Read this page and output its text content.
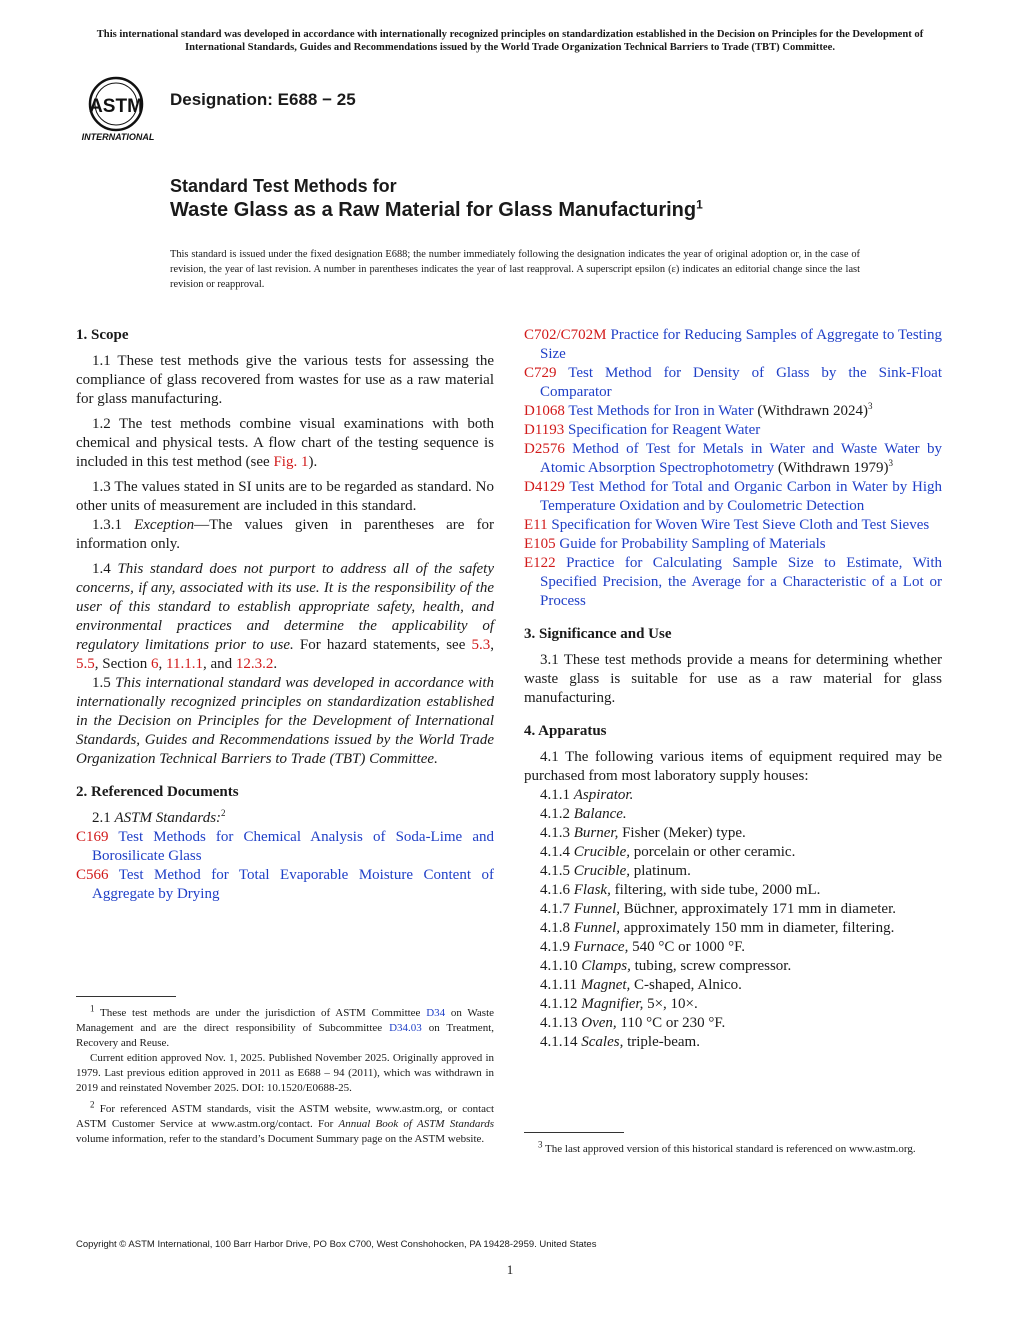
This international standard was developed in accordance with internationally recognized principles on standardization established in the Decision on Principles for the Development of International Standards, Guides and Recommendations issued by the World Trade Organization Technical Barriers to Trade (TBT) Committee.
ASTM
INTERNATIONAL
Designation: E688 − 25
Standard Test Methods for
Waste Glass as a Raw Material for Glass Manufacturing$^1$
This standard is issued under the fixed designation E688; the number immediately following the designation indicates the year of original adoption or, in the case of revision, the year of last revision. A number in parentheses indicates the year of last reapproval. A superscript epsilon (ε) indicates an editorial change since the last revision or reapproval.
1. Scope

1.1 These test methods give the various tests for assessing the compliance of glass recovered from wastes for use as a raw material for glass manufacturing.

1.2 The test methods combine visual examinations with both chemical and physical tests. A flow chart of the testing sequence is included in this test method (see Fig. 1).

1.3 The values stated in SI units are to be regarded as standard. No other units of measurement are included in this standard.

1.3.1 Exception—The values given in parentheses are for information only.

1.4 This standard does not purport to address all of the safety concerns, if any, associated with its use. It is the responsibility of the user of this standard to establish appropriate safety, health, and environmental practices and determine the applicability of regulatory limitations prior to use. For hazard statements, see 5.3, 5.5, Section 6, 11.1.1, and 12.3.2.

1.5 This international standard was developed in accordance with internationally recognized principles on standardization established in the Decision on Principles for the Development of International Standards, Guides and Recommendations issued by the World Trade Organization Technical Barriers to Trade (TBT) Committee.

2. Referenced Documents

2.1 ASTM Standards:$^2$

C169 Test Methods for Chemical Analysis of Soda-Lime and Borosilicate Glass

C566 Test Method for Total Evaporable Moisture Content of Aggregate by Drying

$^1$ These test methods are under the jurisdiction of ASTM Committee D34 on Waste Management and are the direct responsibility of Subcommittee D34.03 on Treatment, Recovery and Reuse.

Current edition approved Nov. 1, 2025. Published November 2025. Originally approved in 1979. Last previous edition approved in 2011 as E688 – 94 (2011), which was withdrawn in 2019 and reinstated November 2025. DOI: 10.1520/E0688-25.

$^2$ For referenced ASTM standards, visit the ASTM website, www.astm.org, or contact ASTM Customer Service at www.astm.org/contact. For Annual Book of ASTM Standards volume information, refer to the standard’s Document Summary page on the ASTM website.

C702/C702M Practice for Reducing Samples of Aggregate to Testing Size

C729 Test Method for Density of Glass by the Sink-Float Comparator

D1068 Test Methods for Iron in Water (Withdrawn 2024)$^3$

D1193 Specification for Reagent Water

D2576 Method of Test for Metals in Water and Waste Water by Atomic Absorption Spectrophotometry (Withdrawn 1979)$^3$

D4129 Test Method for Total and Organic Carbon in Water by High Temperature Oxidation and by Coulometric Detection

E11 Specification for Woven Wire Test Sieve Cloth and Test Sieves

E105 Guide for Probability Sampling of Materials

E122 Practice for Calculating Sample Size to Estimate, With Specified Precision, the Average for a Characteristic of a Lot or Process

3. Significance and Use

3.1 These test methods provide a means for determining whether waste glass is suitable for use as a raw material for glass manufacturing.

4. Apparatus

4.1 The following various items of equipment required may be purchased from most laboratory supply houses:

4.1.1 Aspirator.

4.1.2 Balance.

4.1.3 Burner, Fisher (Meker) type.

4.1.4 Crucible, porcelain or other ceramic.

4.1.5 Crucible, platinum.

4.1.6 Flask, filtering, with side tube, 2000 mL.

4.1.7 Funnel, Büchner, approximately 171 mm in diameter.

4.1.8 Funnel, approximately 150 mm in diameter, filtering.

4.1.9 Furnace, 540 °C or 1000 °F.

4.1.10 Clamps, tubing, screw compressor.

4.1.11 Magnet, C-shaped, Alnico.

4.1.12 Magnifier, 5×, 10×.

4.1.13 Oven, 110 °C or 230 °F.

4.1.14 Scales, triple-beam.

$^3$ The last approved version of this historical standard is referenced on www.astm.org.

Copyright © ASTM International, 100 Barr Harbor Drive, PO Box C700, West Conshohocken, PA 19428-2959. United States
1
